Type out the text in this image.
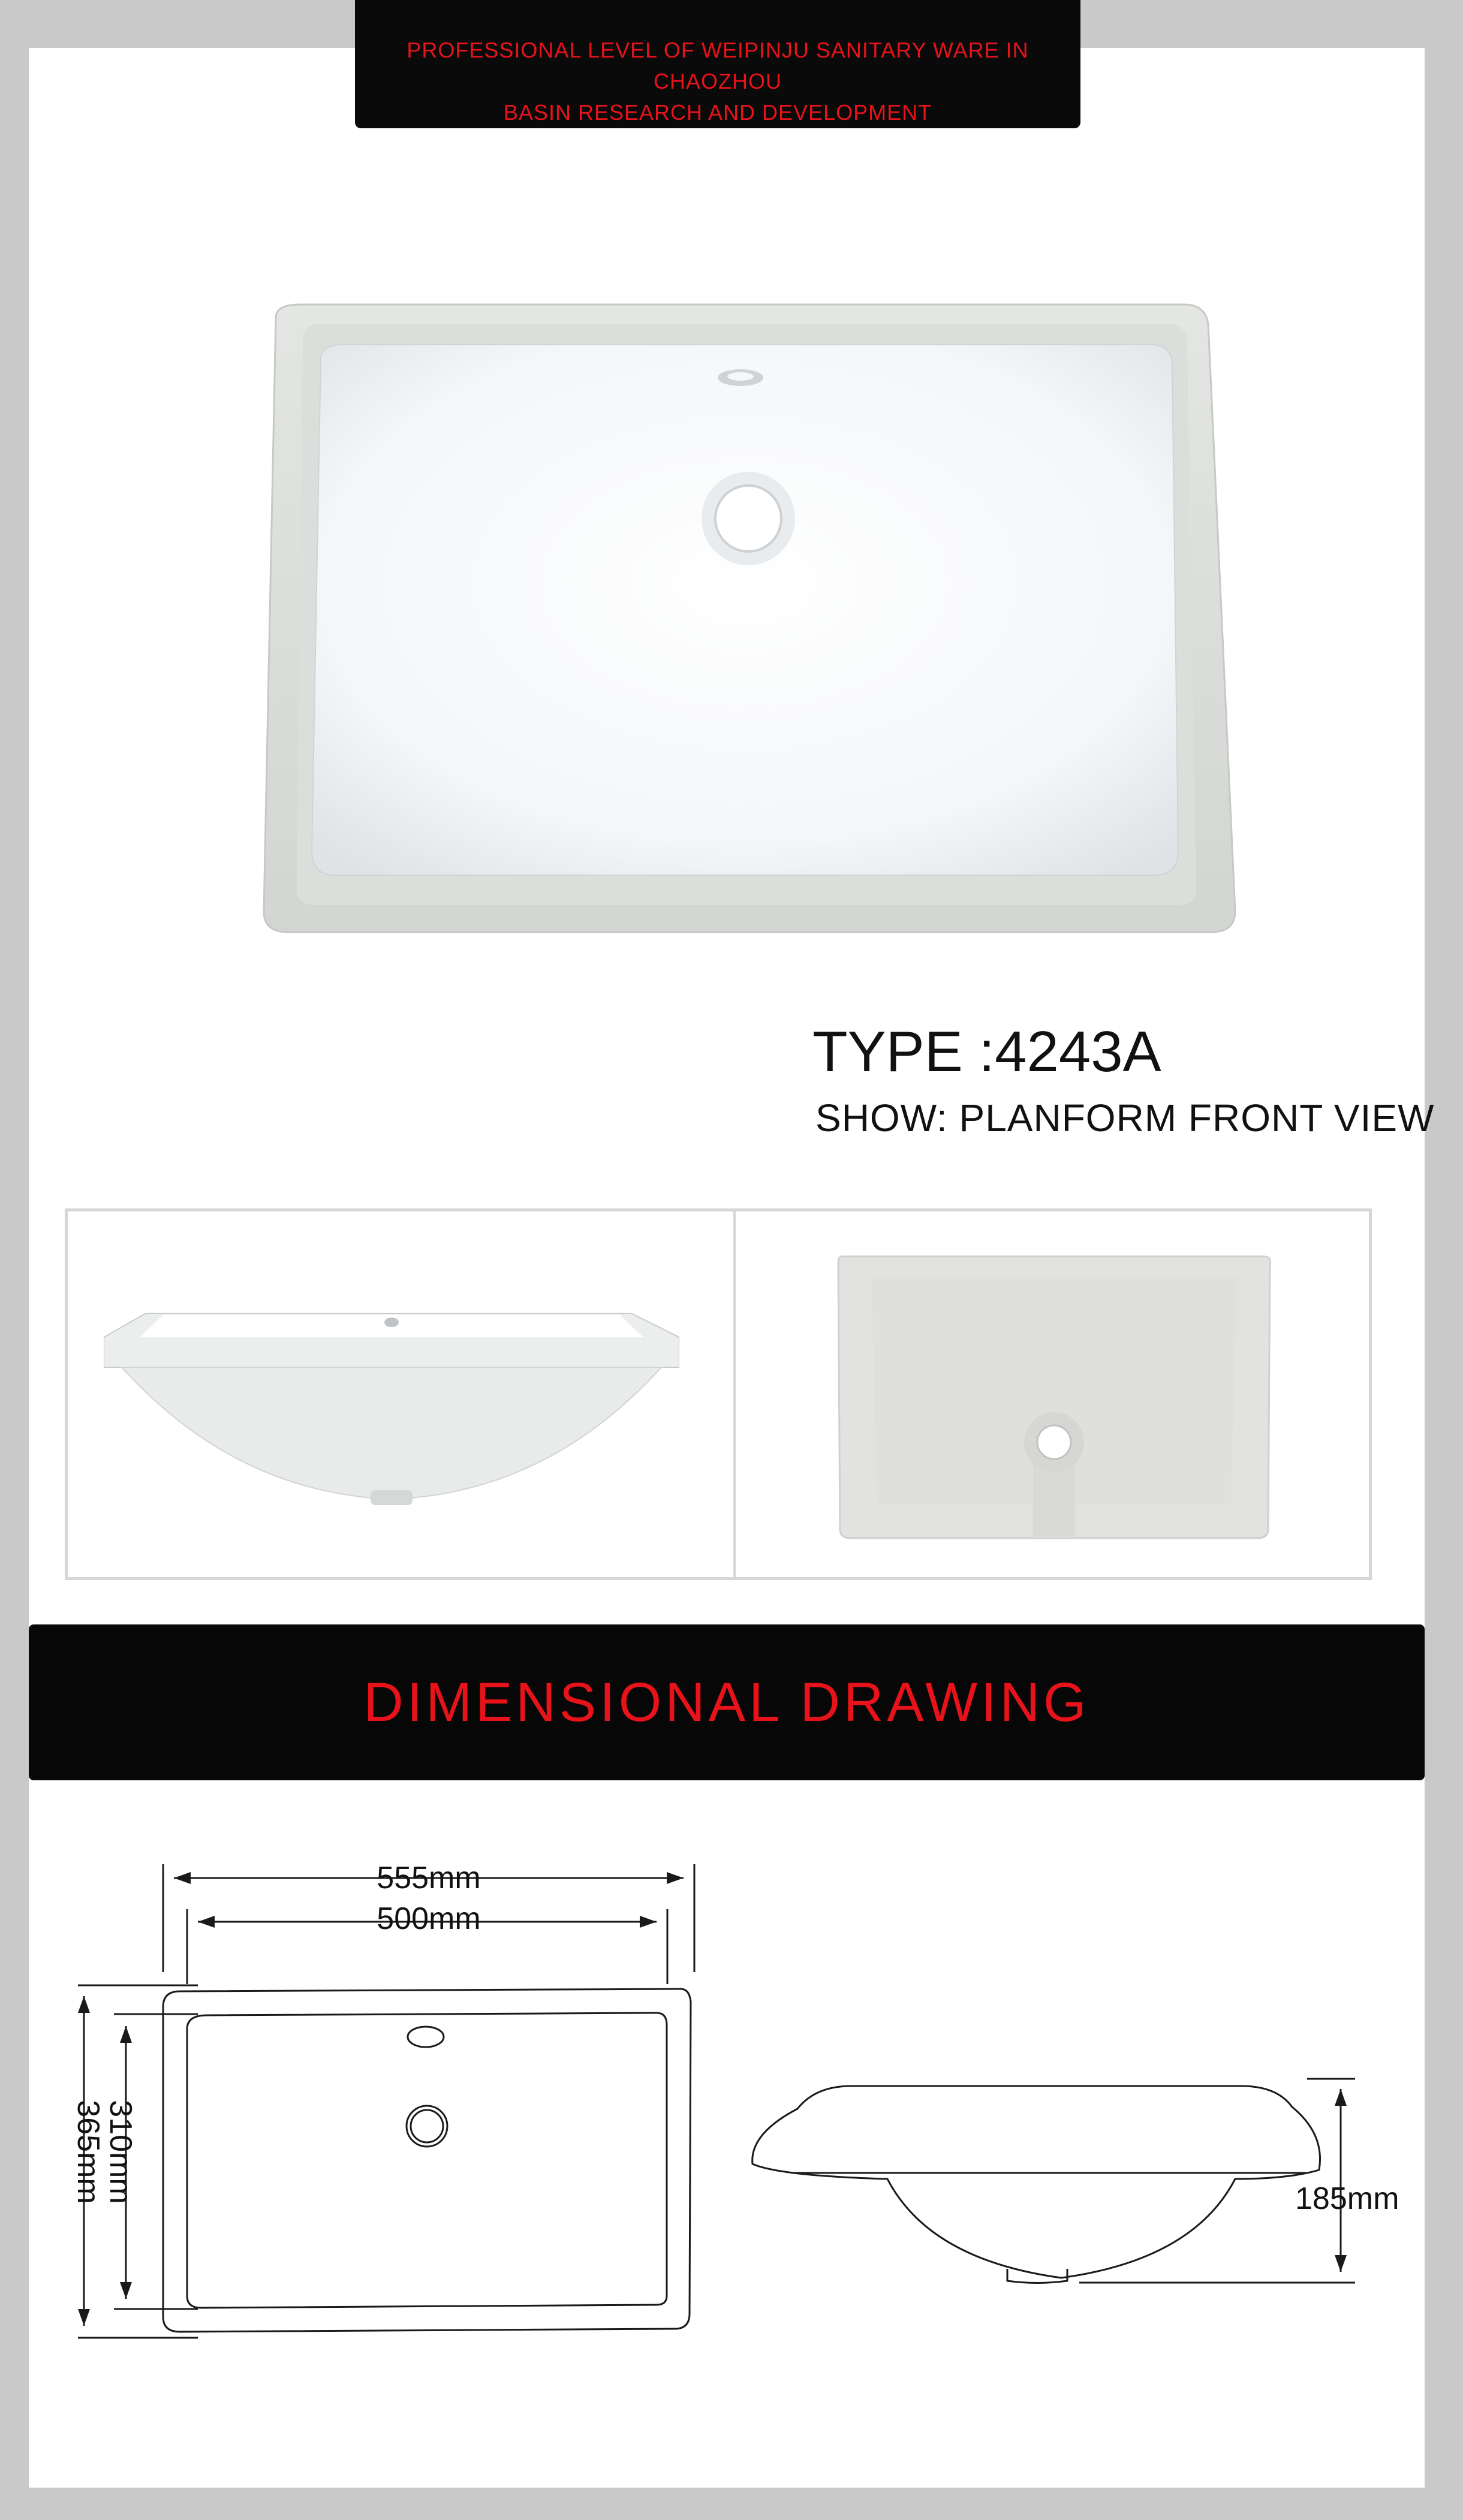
PROFESSIONAL LEVEL OF WEIPINJU SANITARY WARE IN CHAOZHOU
BASIN RESEARCH AND DEVELOPMENT
TYPE :4243A
SHOW: PLANFORM FRONT VIEW
DIMENSIONAL DRAWING
555mm
500mm
310mm
365mm	185mm
